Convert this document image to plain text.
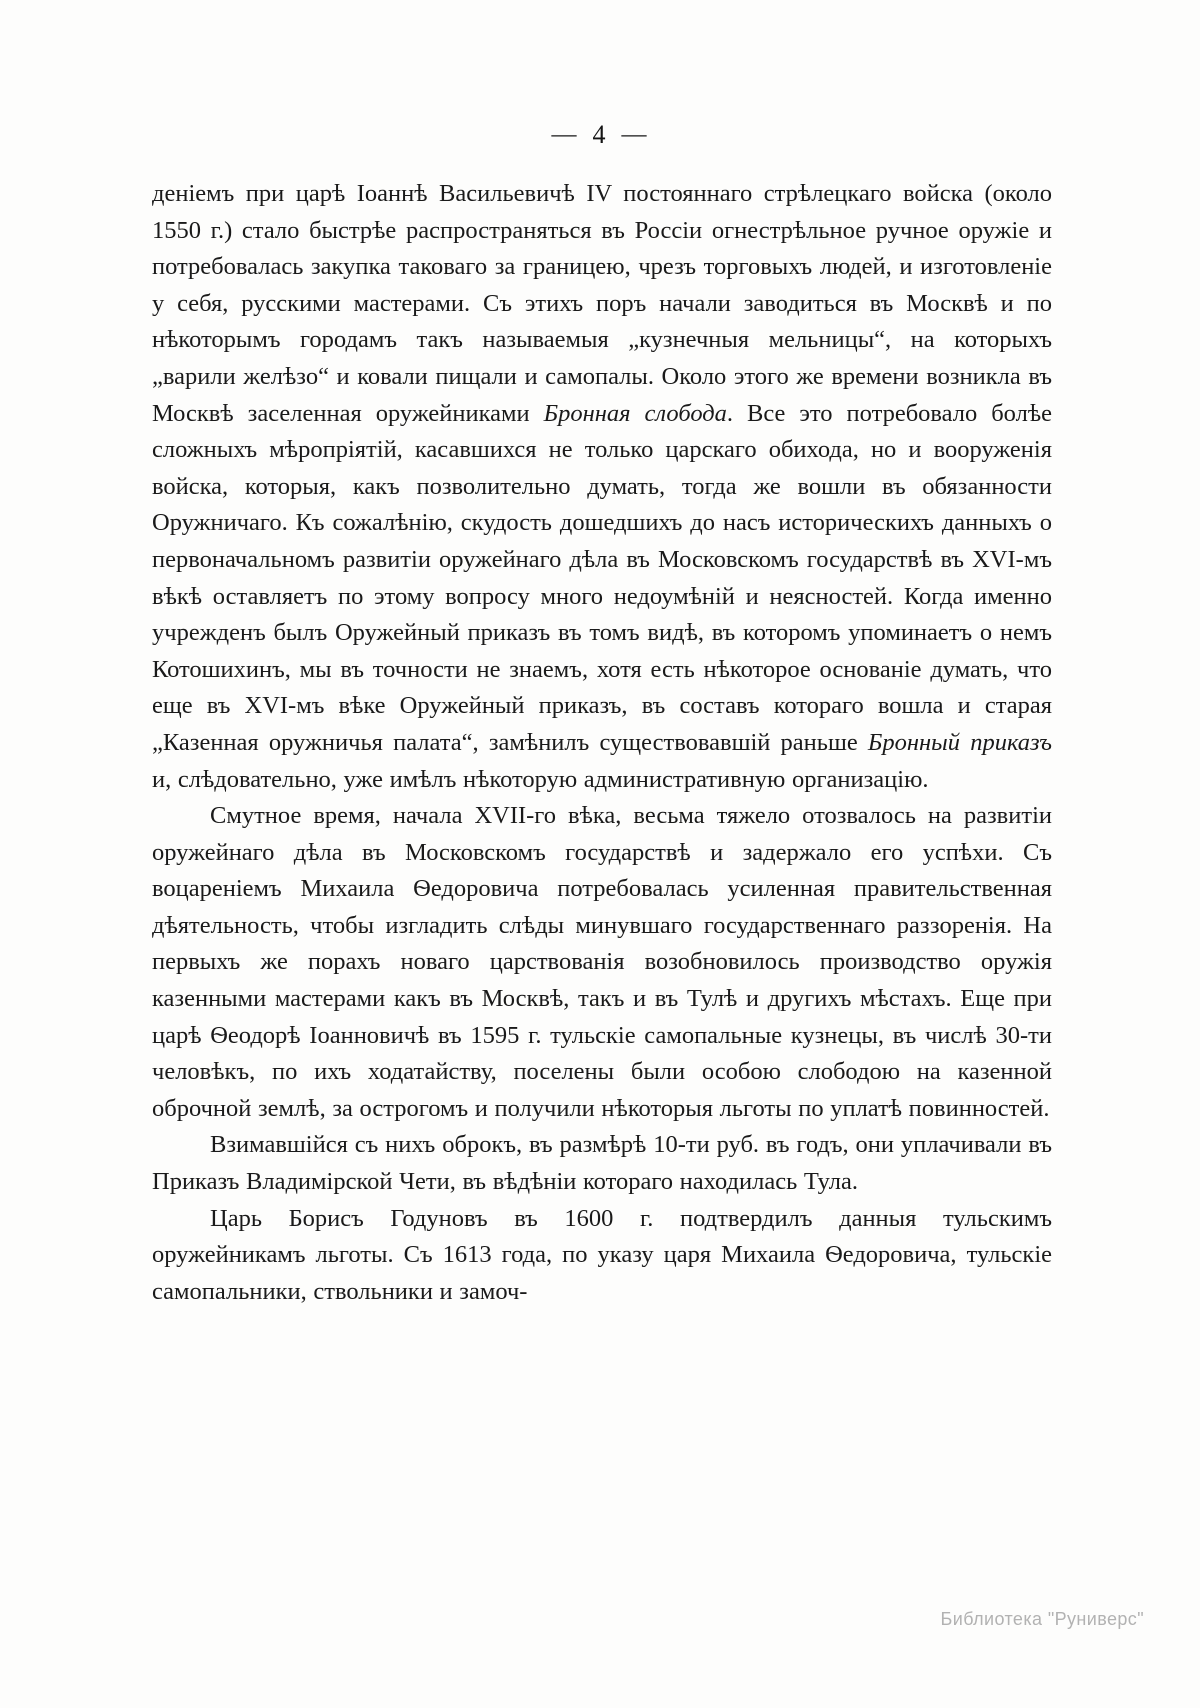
— 4 —

деніемъ при царѣ Іоаннѣ Васильевичѣ IV постояннаго стрѣлецкаго войска (около 1550 г.) стало быстрѣе распространяться въ Россіи огнестрѣльное ручное оружіе и потребовалась закупка таковаго за границею, чрезъ торговыхъ людей, и изготовленіе у себя, русскими мастерами. Съ этихъ поръ начали заводиться въ Москвѣ и по нѣкоторымъ городамъ такъ называемыя „кузнечныя мельницы“, на которыхъ „варили желѣзо“ и ковали пищали и самопалы. Около этого же времени возникла въ Москвѣ заселенная оружейниками Бронная слобода. Все это потребовало болѣе сложныхъ мѣропріятій, касавшихся не только царскаго обихода, но и вооруженія войска, которыя, какъ позволительно думать, тогда же вошли въ обязанности Оружничаго. Къ сожалѣнію, скудость дошедшихъ до насъ историческихъ данныхъ о первоначальномъ развитіи оружейнаго дѣла въ Московскомъ государствѣ въ XVI-мъ вѣкѣ оставляетъ по этому вопросу много недоумѣній и неясностей. Когда именно учрежденъ былъ Оружейный приказъ въ томъ видѣ, въ которомъ упоминаетъ о немъ Котошихинъ, мы въ точности не знаемъ, хотя есть нѣкоторое основаніе думать, что еще въ XVI-мъ вѣке Оружейный приказъ, въ составъ котораго вошла и старая „Казенная оружничья палата“, замѣнилъ существовавшій раньше Бронный приказъ и, слѣдовательно, уже имѣлъ нѣкоторую административную организацію.

Смутное время, начала XVII-го вѣка, весьма тяжело отозвалось на развитіи оружейнаго дѣла въ Московскомъ государствѣ и задержало его успѣхи. Съ воцареніемъ Михаила Ѳедоровича потребовалась усиленная правительственная дѣятельность, чтобы изгладить слѣды минувшаго государственнаго раззоренія. На первыхъ же порахъ новаго царствованія возобновилось производство оружія казенными мастерами какъ въ Москвѣ, такъ и въ Тулѣ и другихъ мѣстахъ. Еще при царѣ Ѳеодорѣ Іоанновичѣ въ 1595 г. тульскіе самопальные кузнецы, въ числѣ 30-ти человѣкъ, по ихъ ходатайству, поселены были особою слободою на казенной оброчной землѣ, за острогомъ и получили нѣкоторыя льготы по уплатѣ повинностей.

Взимавшійся съ нихъ оброкъ, въ размѣрѣ 10-ти руб. въ годъ, они уплачивали въ Приказъ Владимірской Чети, въ вѣдѣніи котораго находилась Тула.

Царь Борисъ Годуновъ въ 1600 г. подтвердилъ данныя тульскимъ оружейникамъ льготы. Съ 1613 года, по указу царя Михаила Ѳедоровича, тульскіе самопальники, ствольники и замоч-

Библиотека "Руниверс"
